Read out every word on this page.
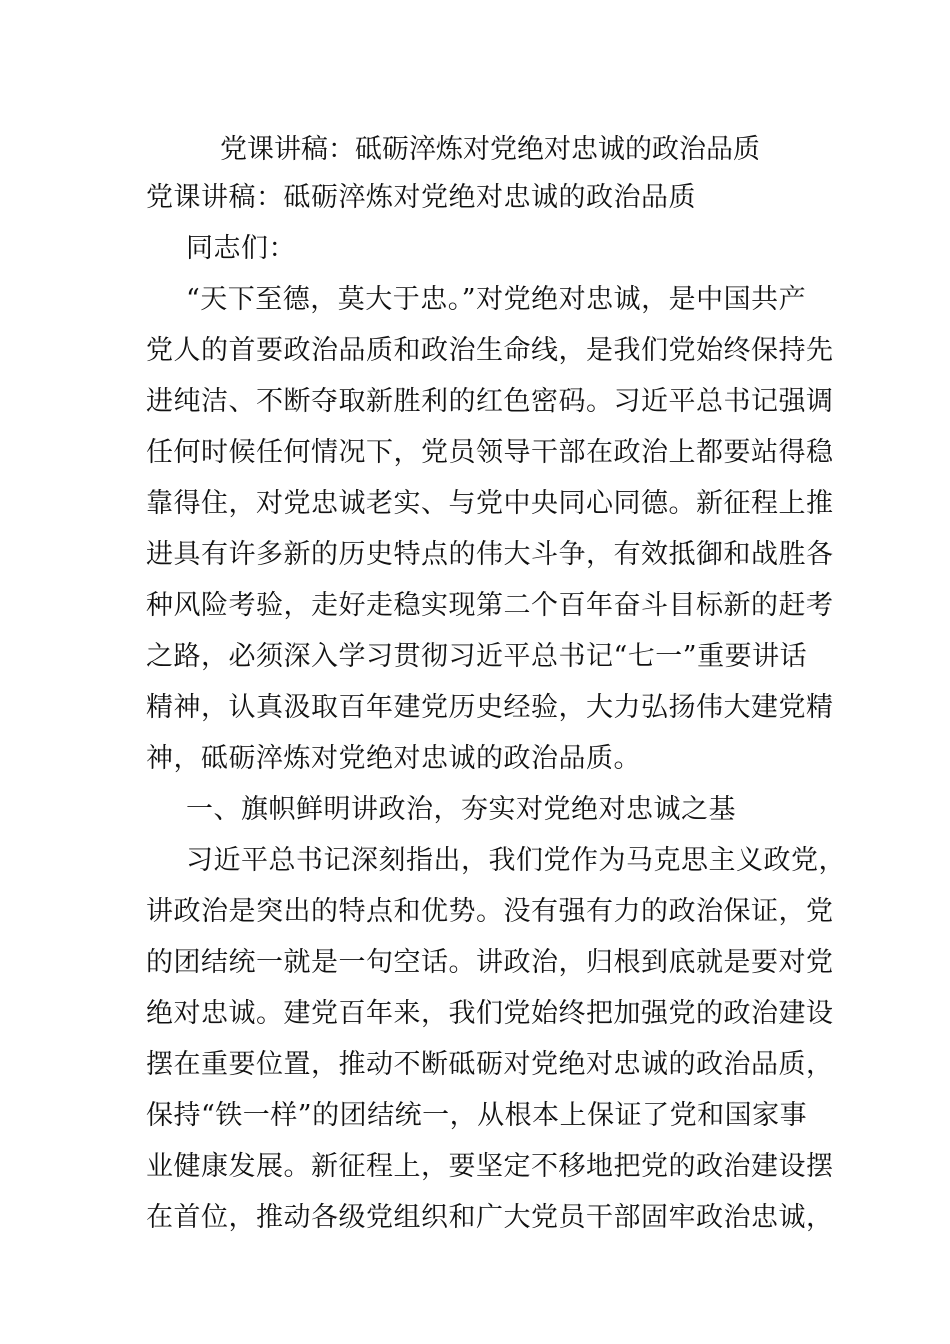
党课讲稿：砥砺淬炼对党绝对忠诚的政治品质
党课讲稿：砥砺淬炼对党绝对忠诚的政治品质
同志们：
“天下至德，莫大于忠。”对党绝对忠诚，是中国共产
党人的首要政治品质和政治生命线，是我们党始终保持先
进纯洁、不断夺取新胜利的红色密码。习近平总书记强调
任何时候任何情况下，党员领导干部在政治上都要站得稳
靠得住，对党忠诚老实、与党中央同心同德。新征程上推
进具有许多新的历史特点的伟大斗争，有效抵御和战胜各
种风险考验，走好走稳实现第二个百年奋斗目标新的赶考
之路，必须深入学习贯彻习近平总书记“七一”重要讲话
精神，认真汲取百年建党历史经验，大力弘扬伟大建党精
神，砥砺淬炼对党绝对忠诚的政治品质。
一、旗帜鲜明讲政治，夯实对党绝对忠诚之基
习近平总书记深刻指出，我们党作为马克思主义政党，
讲政治是突出的特点和优势。没有强有力的政治保证，党
的团结统一就是一句空话。讲政治，归根到底就是要对党
绝对忠诚。建党百年来，我们党始终把加强党的政治建设
摆在重要位置，推动不断砥砺对党绝对忠诚的政治品质，
保持“铁一样”的团结统一，从根本上保证了党和国家事
业健康发展。新征程上，要坚定不移地把党的政治建设摆
在首位，推动各级党组织和广大党员干部固牢政治忠诚，
